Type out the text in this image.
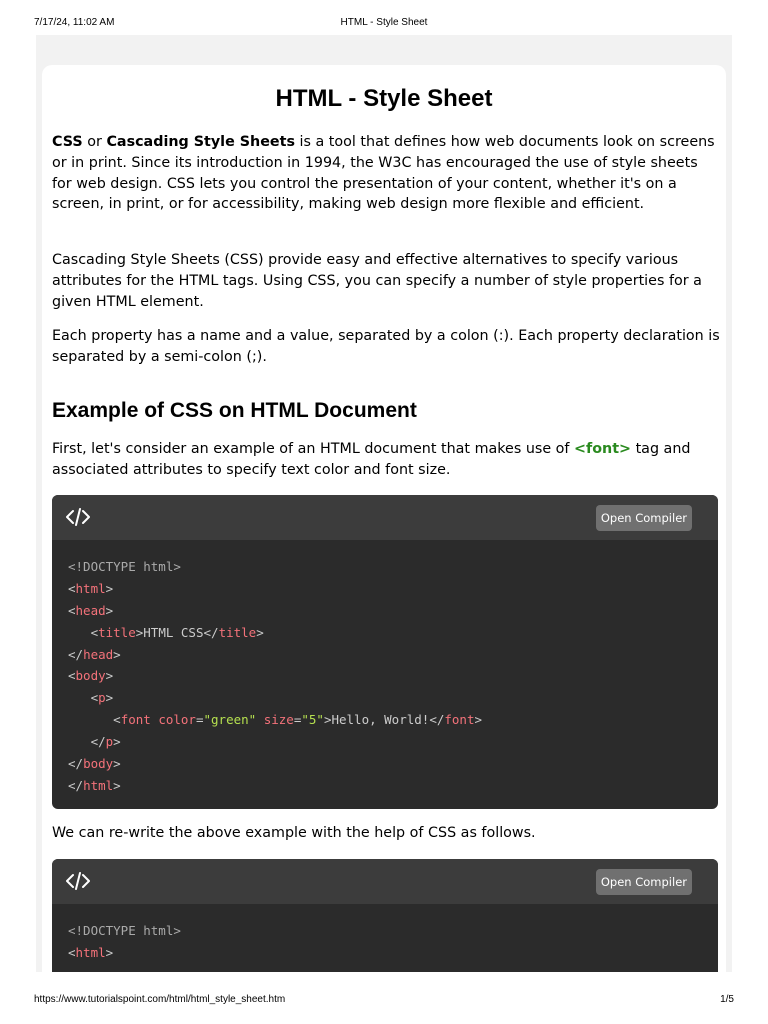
7/17/24, 11:02 AM	HTML - Style Sheet
HTML - Style Sheet

CSS or Cascading Style Sheets is a tool that defines how web documents look on screens or in print. Since its introduction in 1994, the W3C has encouraged the use of style sheets for web design. CSS lets you control the presentation of your content, whether it's on a screen, in print, or for accessibility, making web design more flexible and efficient.

Cascading Style Sheets (CSS) provide easy and effective alternatives to specify various attributes for the HTML tags. Using CSS, you can specify a number of style properties for a given HTML element.

Each property has a name and a value, separated by a colon (:). Each property declaration is separated by a semi-colon (;).

Example of CSS on HTML Document

First, let's consider an example of an HTML document that makes use of <font> tag and associated attributes to specify text color and font size.

Open Compiler
<!DOCTYPE html>
<html>
<head>
<title>HTML CSS</title>
</head>
<body>
<p>
<font color="green" size="5">Hello, World!</font>
</p>
</body>
</html>

We can re-write the above example with the help of CSS as follows.

Open Compiler
<!DOCTYPE html>
<html>
https://www.tutorialspoint.com/html/html_style_sheet.htm	1/5
